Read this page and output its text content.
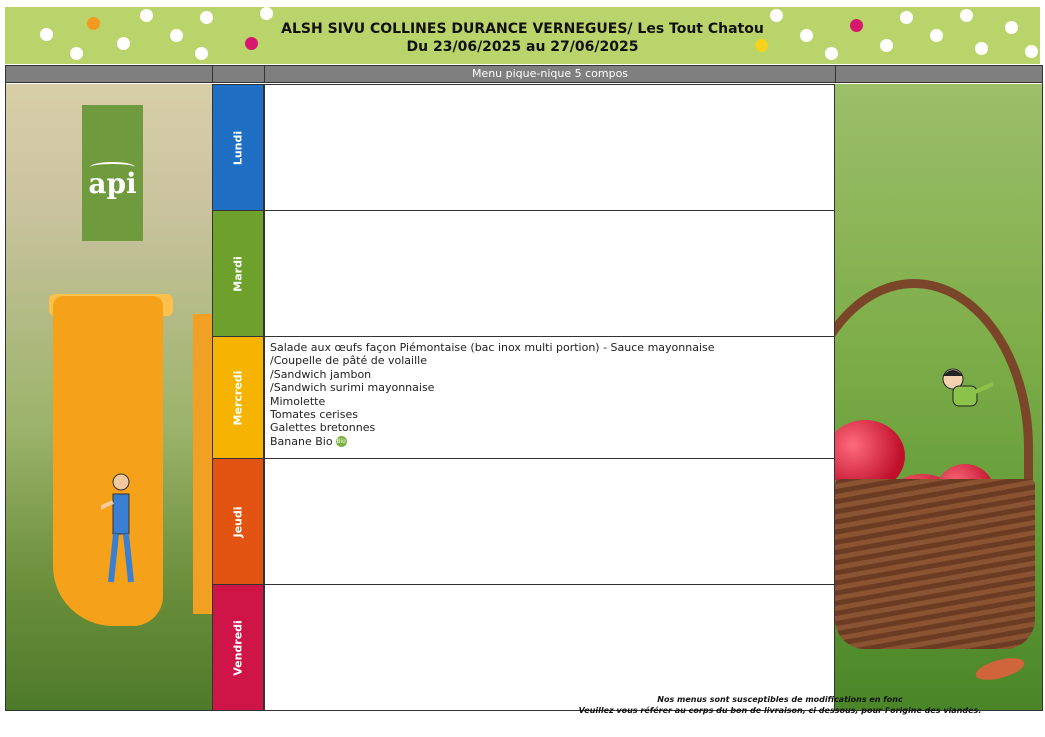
ALSH SIVU COLLINES DURANCE VERNEGUES/ Les Tout Chatou
Du 23/06/2025 au 27/06/2025
Menu pique-nique 5 compos
api
Lundi
Mardi
Mercredi
Salade aux œufs façon Piémontaise (bac inox multi portion) - Sauce mayonnaise
/Coupelle de pâté de volaille
/Sandwich jambon
/Sandwich surimi mayonnaise
Mimolette
Tomates cerises
Galettes bretonnes
Banane Bio Bio
Jeudi
Vendredi
Nos menus sont susceptibles de modifications en fonc
Veuillez vous référer au corps du bon de livraison, ci dessous, pour l'origine des viandes.
